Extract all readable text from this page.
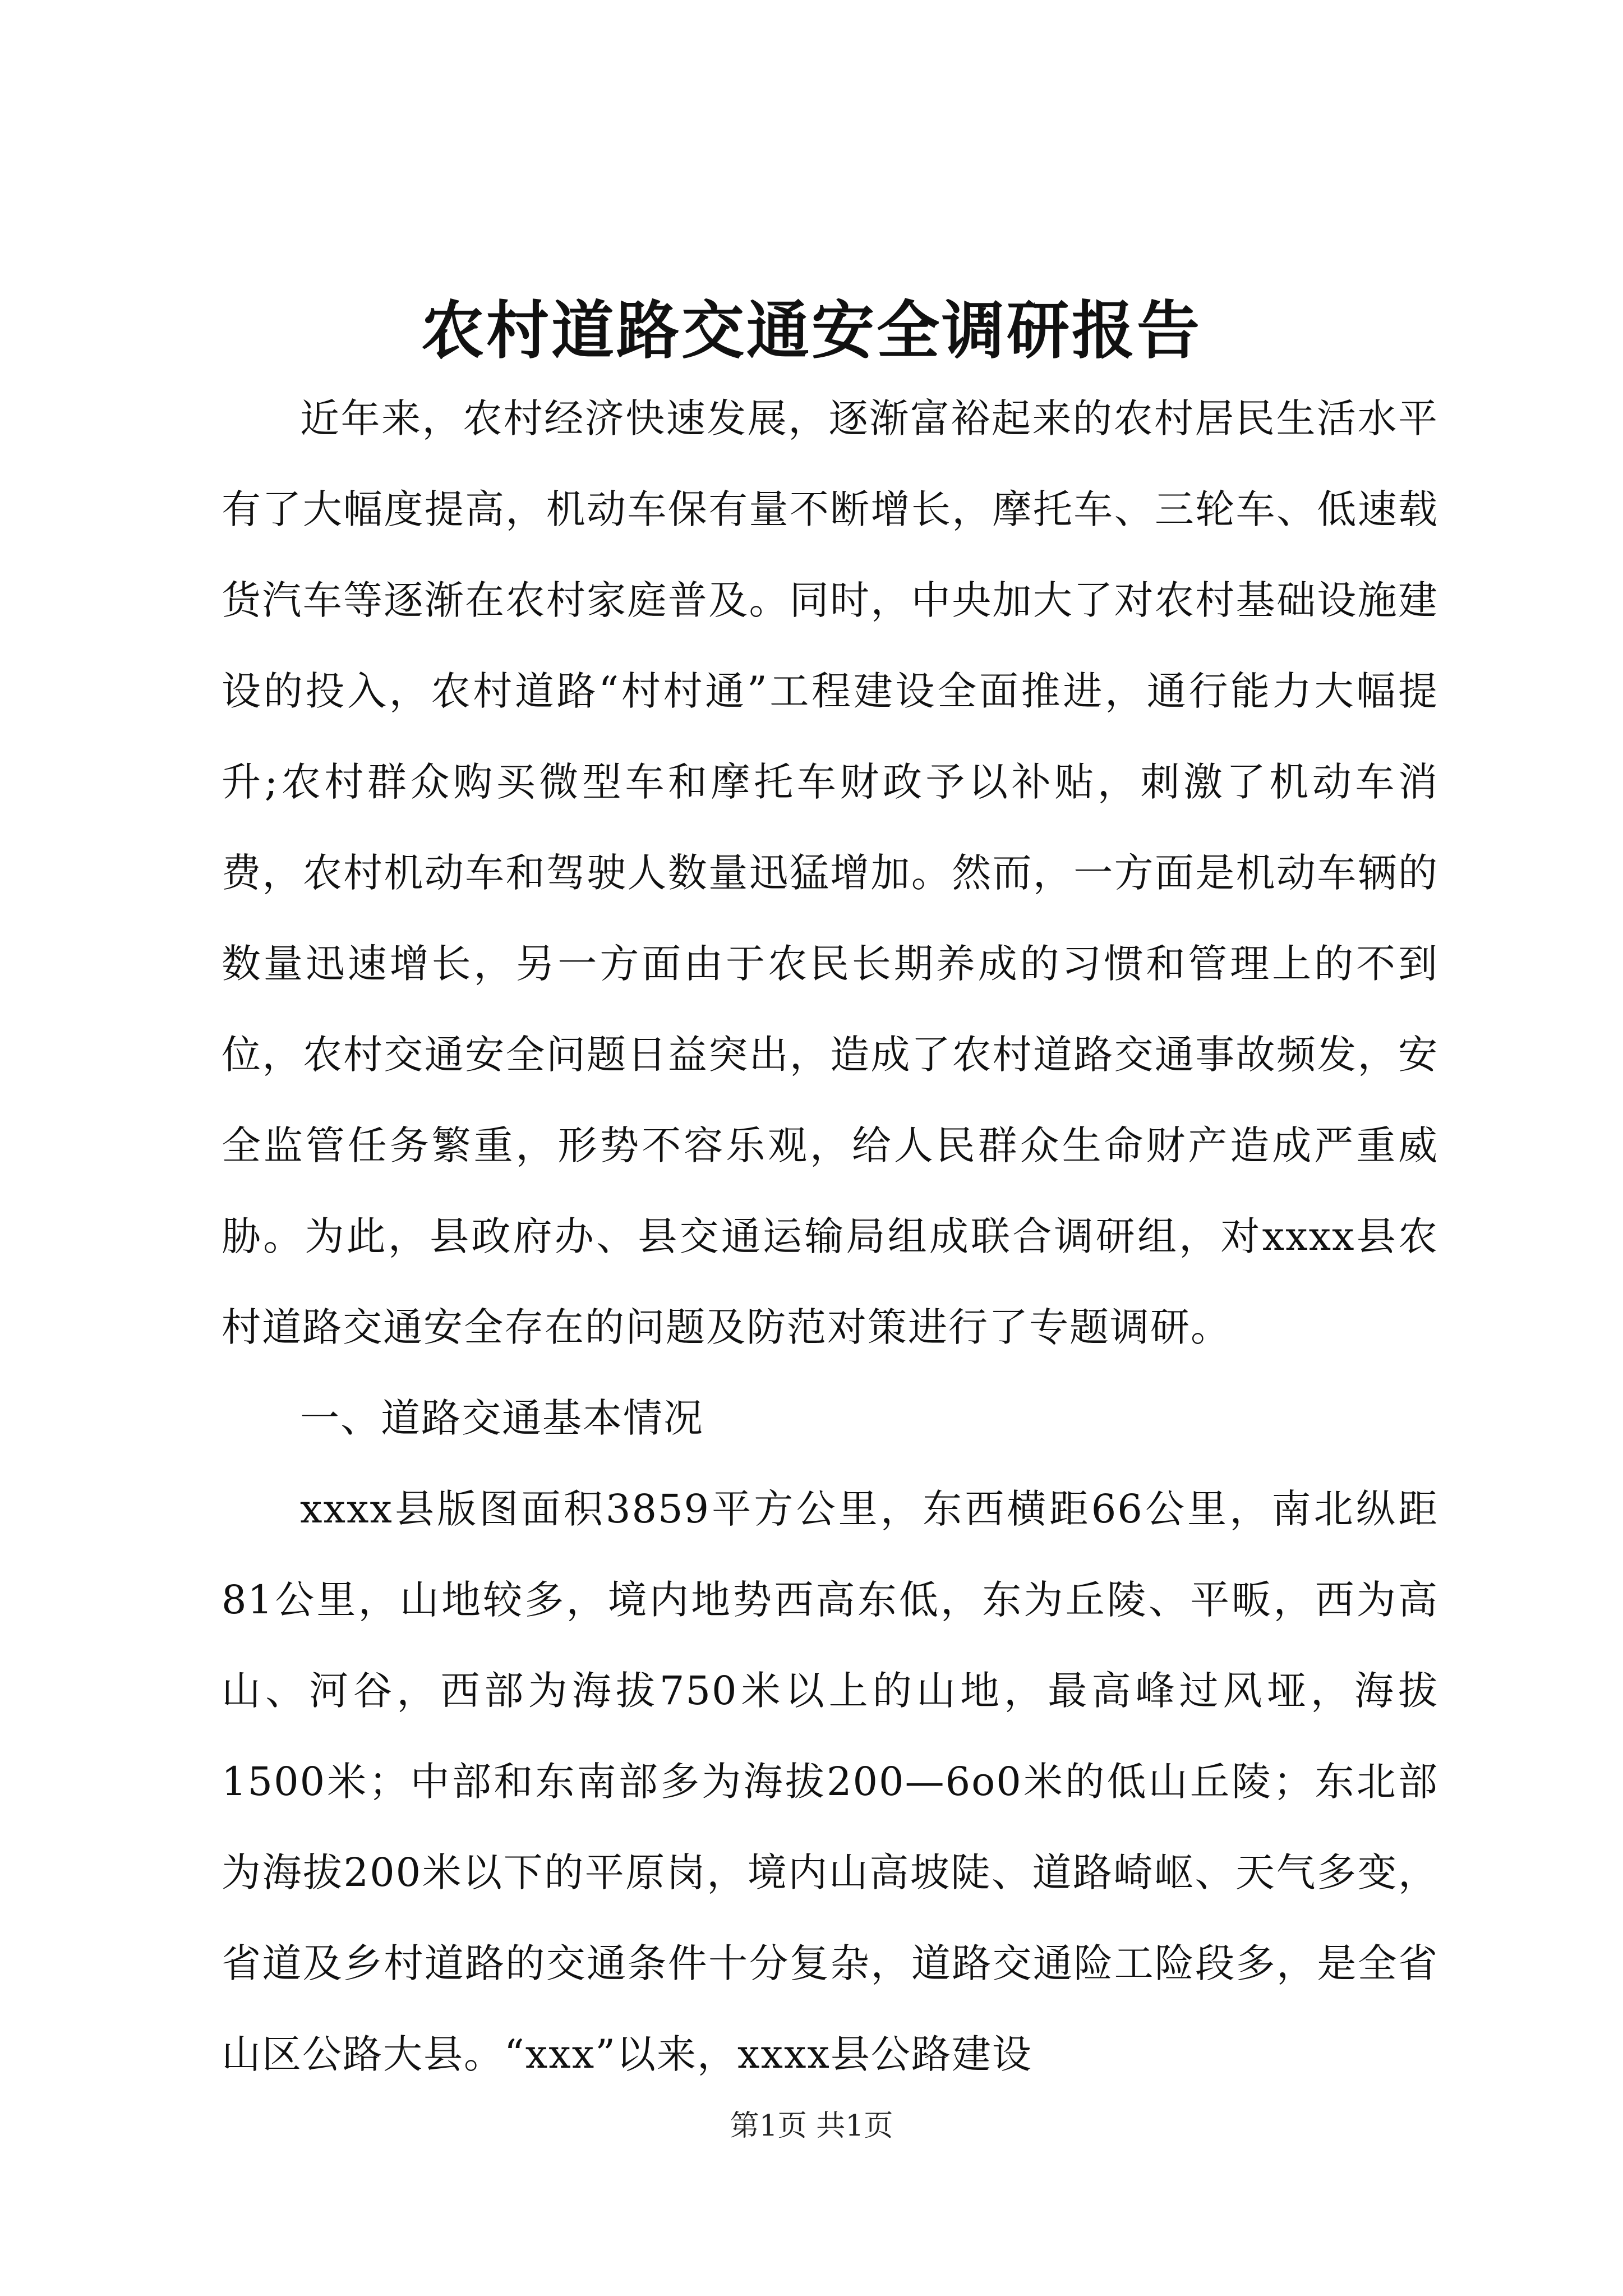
农村道路交通安全调研报告

近年来，农村经济快速发展，逐渐富裕起来的农村居民生活水平有了大幅度提高，机动车保有量不断增长，摩托车、三轮车、低速载货汽车等逐渐在农村家庭普及。同时，中央加大了对农村基础设施建设的投入，农村道路“村村通”工程建设全面推进，通行能力大幅提升;农村群众购买微型车和摩托车财政予以补贴，刺激了机动车消费，农村机动车和驾驶人数量迅猛增加。然而，一方面是机动车辆的数量迅速增长，另一方面由于农民长期养成的习惯和管理上的不到位，农村交通安全问题日益突出，造成了农村道路交通事故频发，安全监管任务繁重，形势不容乐观，给人民群众生命财产造成严重威胁。为此，县政府办、县交通运输局组成联合调研组，对xxxx县农村道路交通安全存在的问题及防范对策进行了专题调研。

一、道路交通基本情况

xxxx县版图面积3859平方公里，东西横距66公里，南北纵距81公里，山地较多，境内地势西高东低，东为丘陵、平畈，西为高山、河谷，西部为海拔750米以上的山地，最高峰过风垭，海拔1500米；中部和东南部多为海拔200—6o0米的低山丘陵；东北部为海拔200米以下的平原岗，境内山高坡陡、道路崎岖、天气多变，省道及乡村道路的交通条件十分复杂，道路交通险工险段多，是全省山区公路大县。“xxx”以来，xxxx县公路建设

第1页 共1页
